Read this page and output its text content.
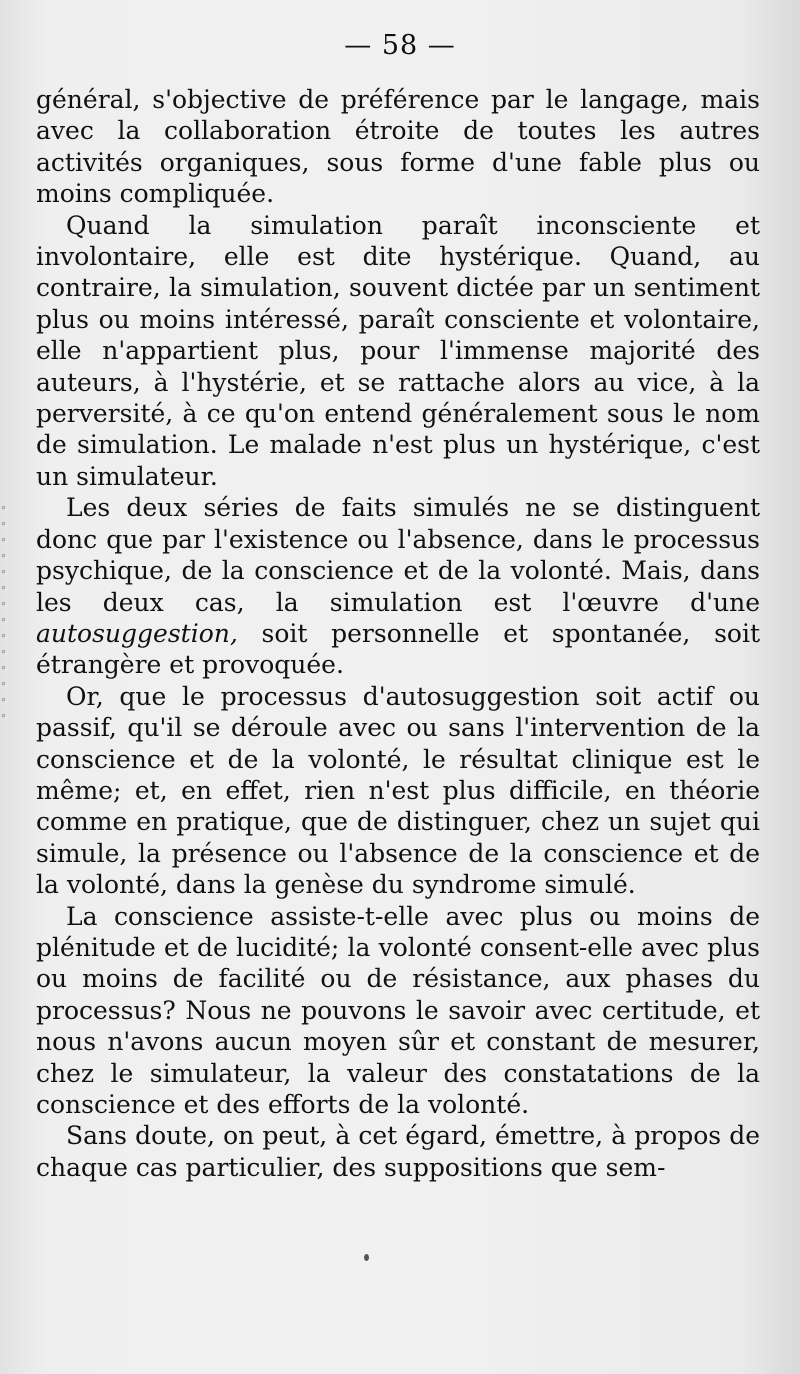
— 58 —

général, s'objective de préférence par le langage, mais avec la collaboration étroite de toutes les autres activités organiques, sous forme d'une fable plus ou moins compliquée.

Quand la simulation paraît inconsciente et involontaire, elle est dite hystérique. Quand, au contraire, la simulation, souvent dictée par un sentiment plus ou moins intéressé, paraît consciente et volontaire, elle n'appartient plus, pour l'immense majorité des auteurs, à l'hystérie, et se rattache alors au vice, à la perversité, à ce qu'on entend généralement sous le nom de simulation. Le malade n'est plus un hystérique, c'est un simulateur.

Les deux séries de faits simulés ne se distinguent donc que par l'existence ou l'absence, dans le processus psychique, de la conscience et de la volonté. Mais, dans les deux cas, la simulation est l'œuvre d'une autosuggestion, soit personnelle et spontanée, soit étrangère et provoquée.

Or, que le processus d'autosuggestion soit actif ou passif, qu'il se déroule avec ou sans l'intervention de la conscience et de la volonté, le résultat clinique est le même; et, en effet, rien n'est plus difficile, en théorie comme en pratique, que de distinguer, chez un sujet qui simule, la présence ou l'absence de la conscience et de la volonté, dans la genèse du syndrome simulé.

La conscience assiste-t-elle avec plus ou moins de plénitude et de lucidité; la volonté consent-elle avec plus ou moins de facilité ou de résistance, aux phases du processus? Nous ne pouvons le savoir avec certitude, et nous n'avons aucun moyen sûr et constant de mesurer, chez le simulateur, la valeur des constatations de la conscience et des efforts de la volonté.

Sans doute, on peut, à cet égard, émettre, à propos de chaque cas particulier, des suppositions que sem-

∘
∘
∘
∘
∘
∘
∘
∘
∘
∘
∘
∘
∘
∘
